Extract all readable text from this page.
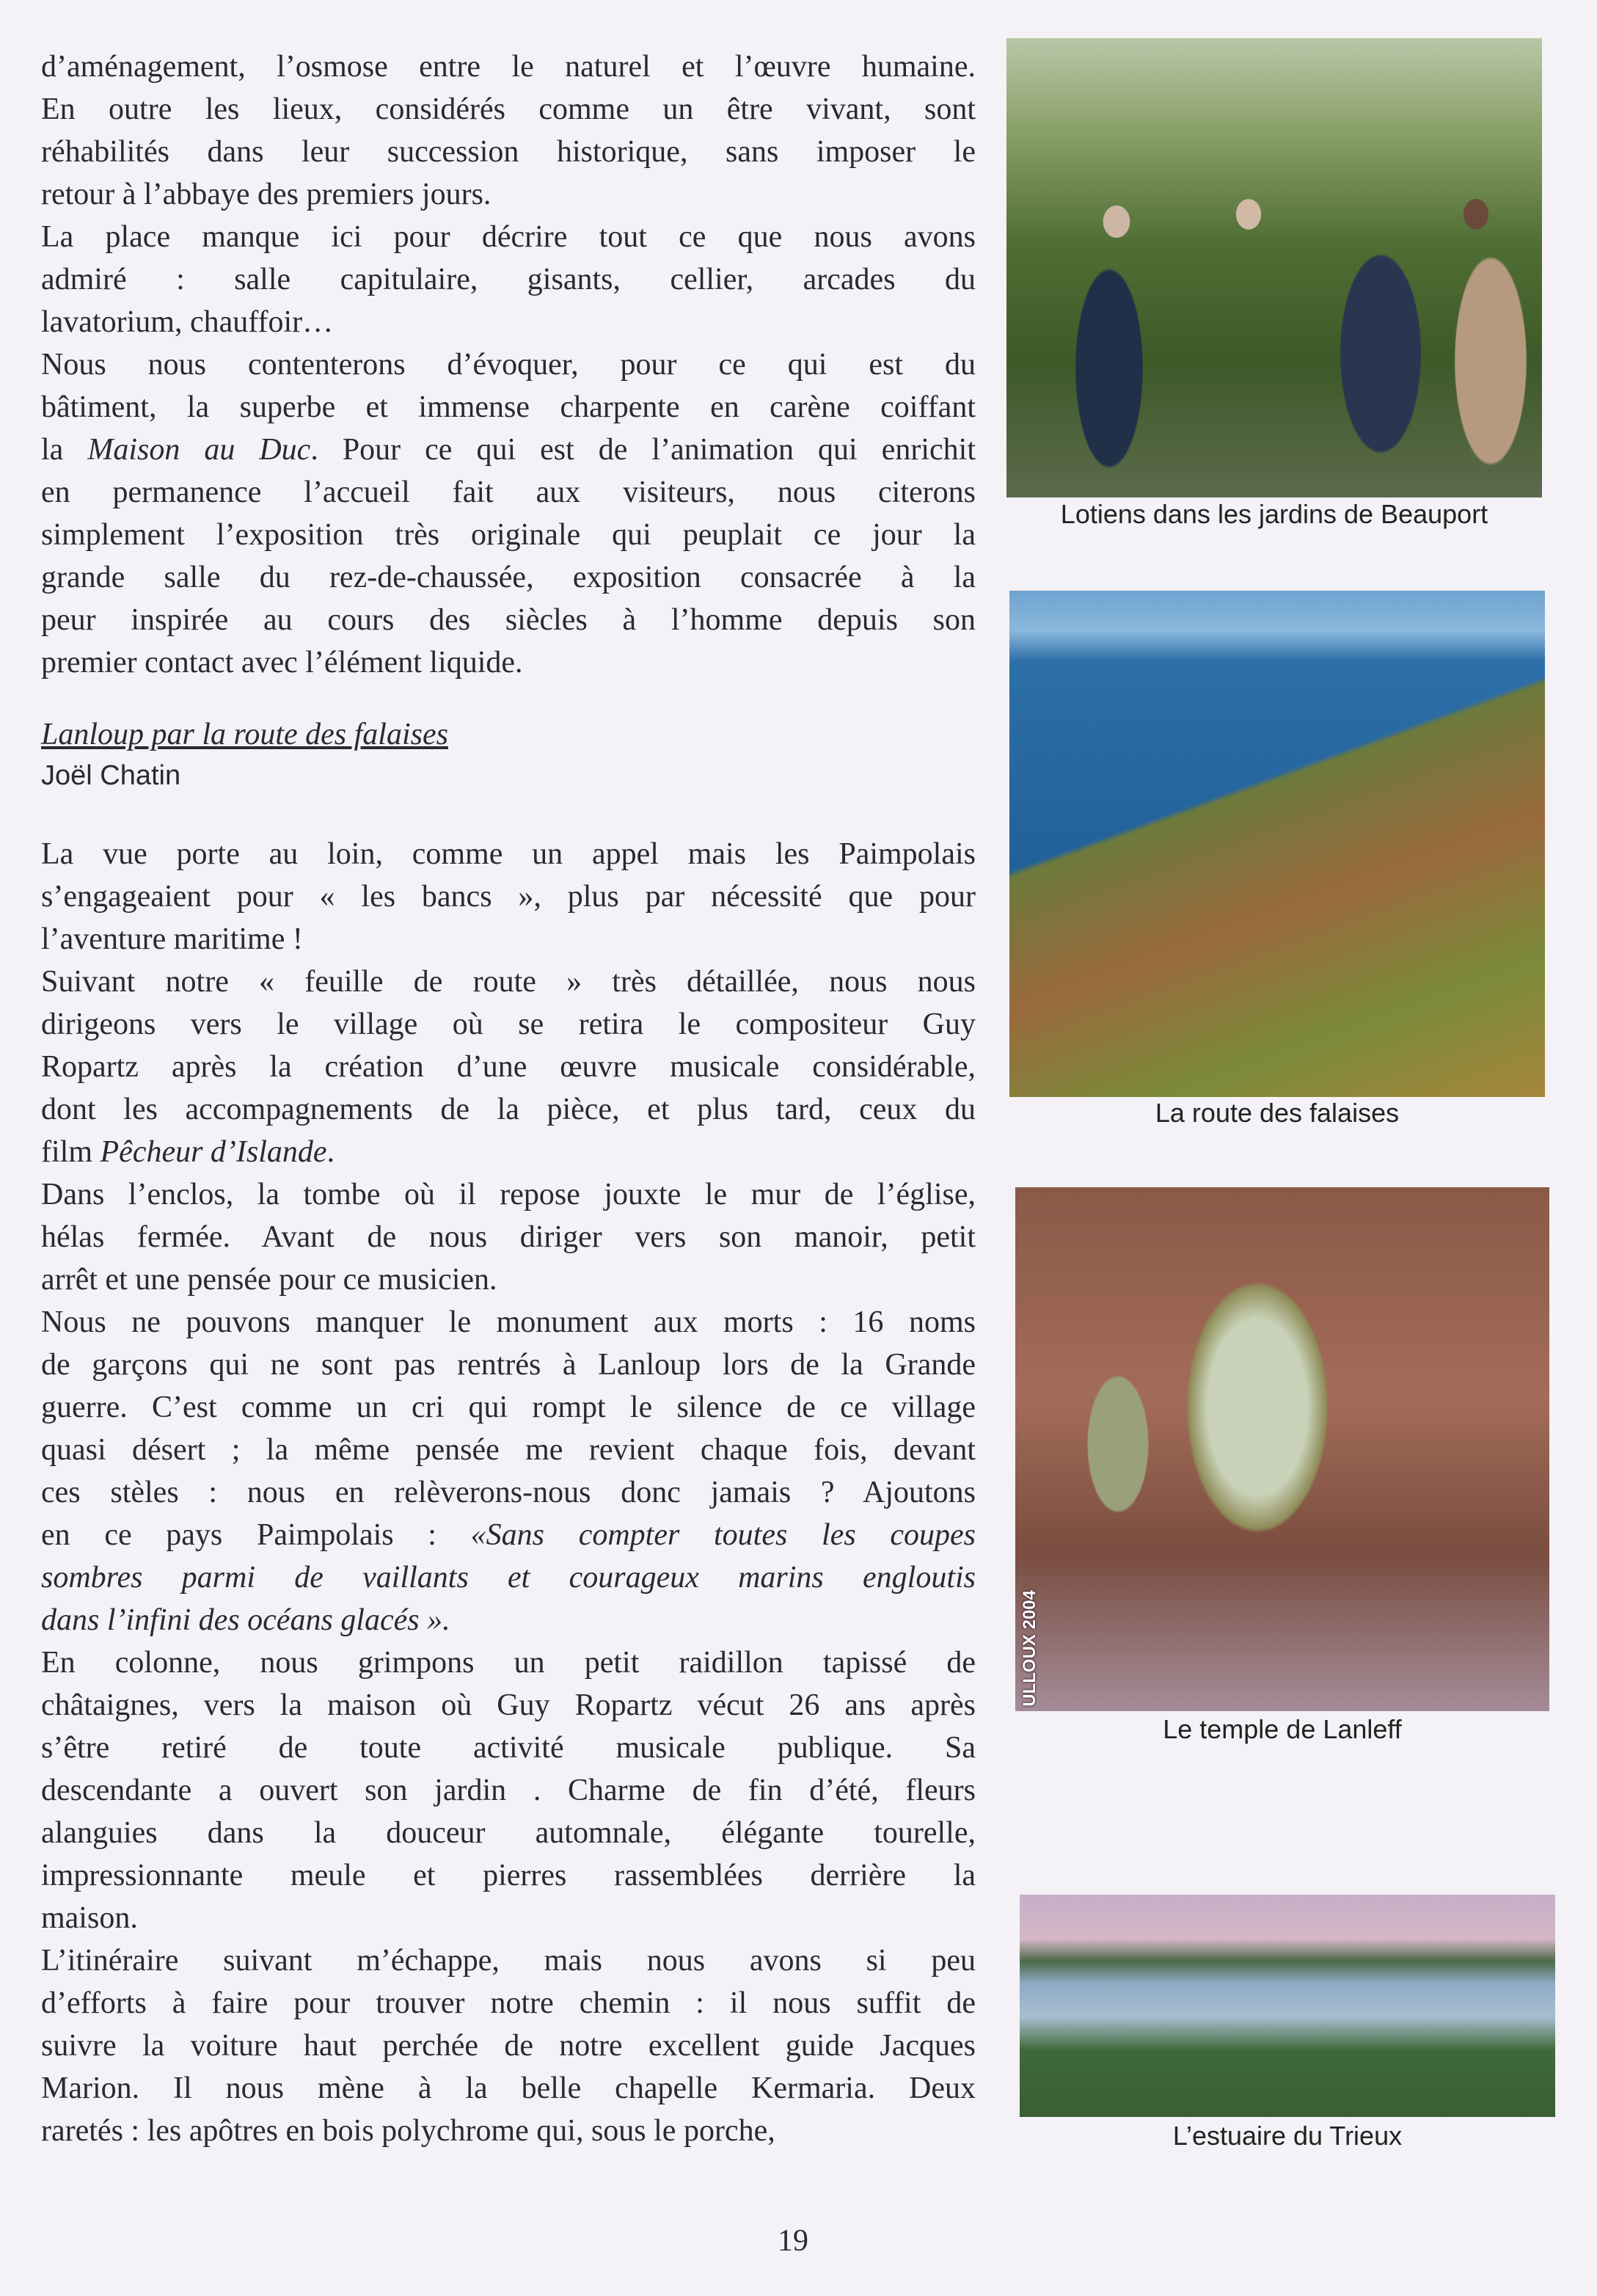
d’aménagement, l’osmose entre le naturel et l’œuvre humaine.
En outre les lieux, considérés comme un être vivant, sont
réhabilités dans leur succession historique, sans imposer le
retour à l’abbaye des premiers jours.
La place manque ici pour décrire tout ce que nous avons
admiré : salle capitulaire, gisants, cellier, arcades du
lavatorium, chauffoir…
Nous nous contenterons d’évoquer, pour ce qui est du
bâtiment, la superbe et immense charpente en carène coiffant
la Maison au Duc. Pour ce qui est de l’animation qui enrichit
en permanence l’accueil fait aux visiteurs, nous citerons
simplement l’exposition très originale qui peuplait ce jour la
grande salle du rez-de-chaussée, exposition consacrée à la
peur inspirée au cours des siècles à l’homme depuis son
premier contact avec l’élément liquide.
Lanloup par la route des falaises
Joël Chatin
La vue porte au loin, comme un appel mais les Paimpolais
s’engageaient pour « les bancs », plus par nécessité que pour
l’aventure maritime !
Suivant notre « feuille de route » très détaillée, nous nous
dirigeons vers le village où se retira le compositeur Guy
Ropartz après la création d’une œuvre musicale considérable,
dont les accompagnements de la pièce, et plus tard, ceux du
film Pêcheur d’Islande.
Dans l’enclos, la tombe où il repose jouxte le mur de l’église,
hélas fermée. Avant de nous diriger vers son manoir, petit
arrêt et une pensée pour ce musicien.
Nous ne pouvons manquer le monument aux morts : 16 noms
de garçons qui ne sont pas rentrés à Lanloup lors de la Grande
guerre. C’est comme un cri qui rompt le silence de ce village
quasi désert ; la même pensée me revient chaque fois, devant
ces stèles : nous en relèverons-nous donc jamais ? Ajoutons
en ce pays Paimpolais : «Sans compter toutes les coupes
sombres parmi de vaillants et courageux marins engloutis
dans l’infini des océans glacés ».
En colonne, nous grimpons un petit raidillon tapissé de
châtaignes, vers la maison où Guy Ropartz vécut 26 ans après
s’être retiré de toute activité musicale publique. Sa
descendante a ouvert son jardin . Charme de fin d’été, fleurs
alanguies dans la douceur automnale, élégante tourelle,
impressionnante meule et pierres rassemblées derrière la
maison.
L’itinéraire suivant m’échappe, mais nous avons si peu
d’efforts à faire pour trouver notre chemin : il nous suffit de
suivre la voiture haut perchée de notre excellent guide Jacques
Marion. Il nous mène à la belle chapelle Kermaria. Deux
raretés : les apôtres en bois polychrome qui, sous le porche,
Lotiens dans les jardins de Beauport
La route des falaises
ULLOUX 2004
Le temple de Lanleff
L’estuaire du Trieux
19
